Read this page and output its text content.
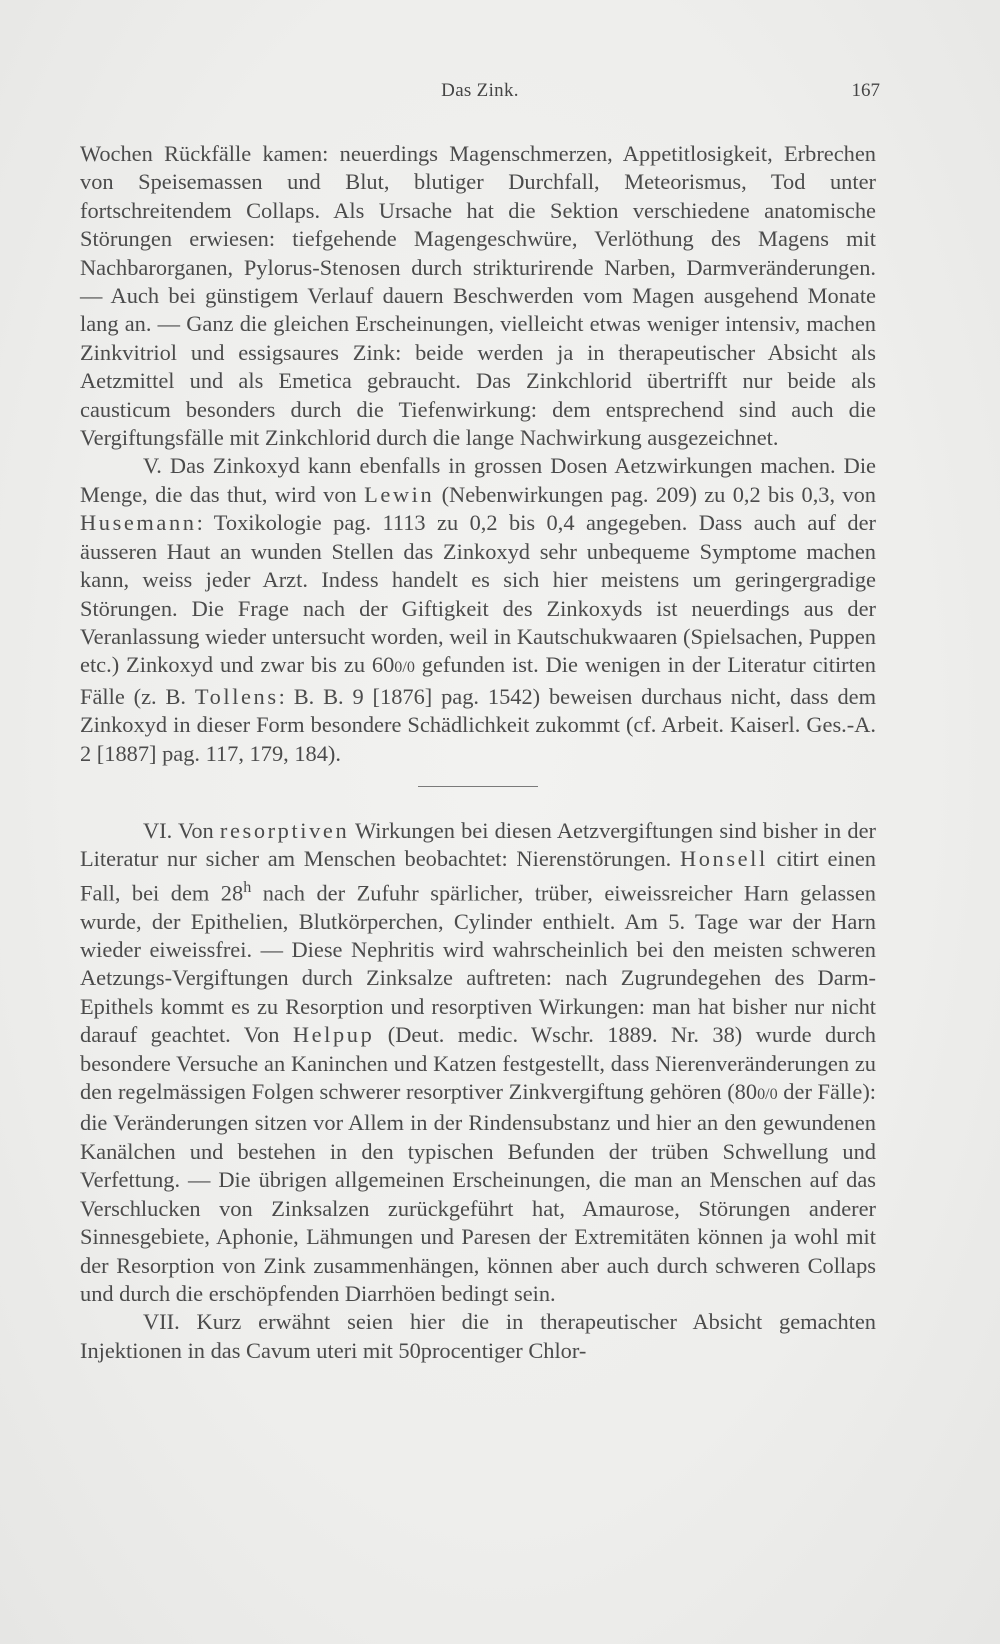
Das Zink.	167

Wochen Rückfälle kamen: neuerdings Magenschmerzen, Appetitlosigkeit, Erbrechen von Speisemassen und Blut, blutiger Durchfall, Meteorismus, Tod unter fortschreitendem Collaps. Als Ursache hat die Sektion verschiedene anatomische Störungen erwiesen: tiefgehende Magengeschwüre, Verlöthung des Magens mit Nachbarorganen, Pylorus-Stenosen durch strikturirende Narben, Darmveränderungen. — Auch bei günstigem Verlauf dauern Beschwerden vom Magen ausgehend Monate lang an. — Ganz die gleichen Erscheinungen, vielleicht etwas weniger intensiv, machen Zinkvitriol und essigsaures Zink: beide werden ja in therapeutischer Absicht als Aetzmittel und als Emetica gebraucht. Das Zinkchlorid übertrifft nur beide als causticum besonders durch die Tiefenwirkung: dem entsprechend sind auch die Vergiftungsfälle mit Zinkchlorid durch die lange Nachwirkung ausgezeichnet.

V. Das Zinkoxyd kann ebenfalls in grossen Dosen Aetzwirkungen machen. Die Menge, die das thut, wird von Lewin (Nebenwirkungen pag. 209) zu 0,2 bis 0,3, von Husemann: Toxikologie pag. 1113 zu 0,2 bis 0,4 angegeben. Dass auch auf der äusseren Haut an wunden Stellen das Zinkoxyd sehr unbequeme Symptome machen kann, weiss jeder Arzt. Indess handelt es sich hier meistens um geringergradige Störungen. Die Frage nach der Giftigkeit des Zinkoxyds ist neuerdings aus der Veranlassung wieder untersucht worden, weil in Kautschukwaaren (Spielsachen, Puppen etc.) Zinkoxyd und zwar bis zu 600/0 gefunden ist. Die wenigen in der Literatur citirten Fälle (z. B. Tollens: B. B. 9 [1876] pag. 1542) beweisen durchaus nicht, dass dem Zinkoxyd in dieser Form besondere Schädlichkeit zukommt (cf. Arbeit. Kaiserl. Ges.-A. 2 [1887] pag. 117, 179, 184).

VI. Von resorptiven Wirkungen bei diesen Aetzvergiftungen sind bisher in der Literatur nur sicher am Menschen beobachtet: Nierenstörungen. Honsell citirt einen Fall, bei dem 28$^h$ nach der Zufuhr spärlicher, trüber, eiweissreicher Harn gelassen wurde, der Epithelien, Blutkörperchen, Cylinder enthielt. Am 5. Tage war der Harn wieder eiweissfrei. — Diese Nephritis wird wahrscheinlich bei den meisten schweren Aetzungs-Vergiftungen durch Zinksalze auftreten: nach Zugrundegehen des Darm-Epithels kommt es zu Resorption und resorptiven Wirkungen: man hat bisher nur nicht darauf geachtet. Von Helpup (Deut. medic. Wschr. 1889. Nr. 38) wurde durch besondere Versuche an Kaninchen und Katzen festgestellt, dass Nierenveränderungen zu den regelmässigen Folgen schwerer resorptiver Zinkvergiftung gehören (800/0 der Fälle): die Veränderungen sitzen vor Allem in der Rindensubstanz und hier an den gewundenen Kanälchen und bestehen in den typischen Befunden der trüben Schwellung und Verfettung. — Die übrigen allgemeinen Erscheinungen, die man an Menschen auf das Verschlucken von Zinksalzen zurückgeführt hat, Amaurose, Störungen anderer Sinnesgebiete, Aphonie, Lähmungen und Paresen der Extremitäten können ja wohl mit der Resorption von Zink zusammenhängen, können aber auch durch schweren Collaps und durch die erschöpfenden Diarrhöen bedingt sein.

VII. Kurz erwähnt seien hier die in therapeutischer Absicht gemachten Injektionen in das Cavum uteri mit 50procentiger Chlor-
